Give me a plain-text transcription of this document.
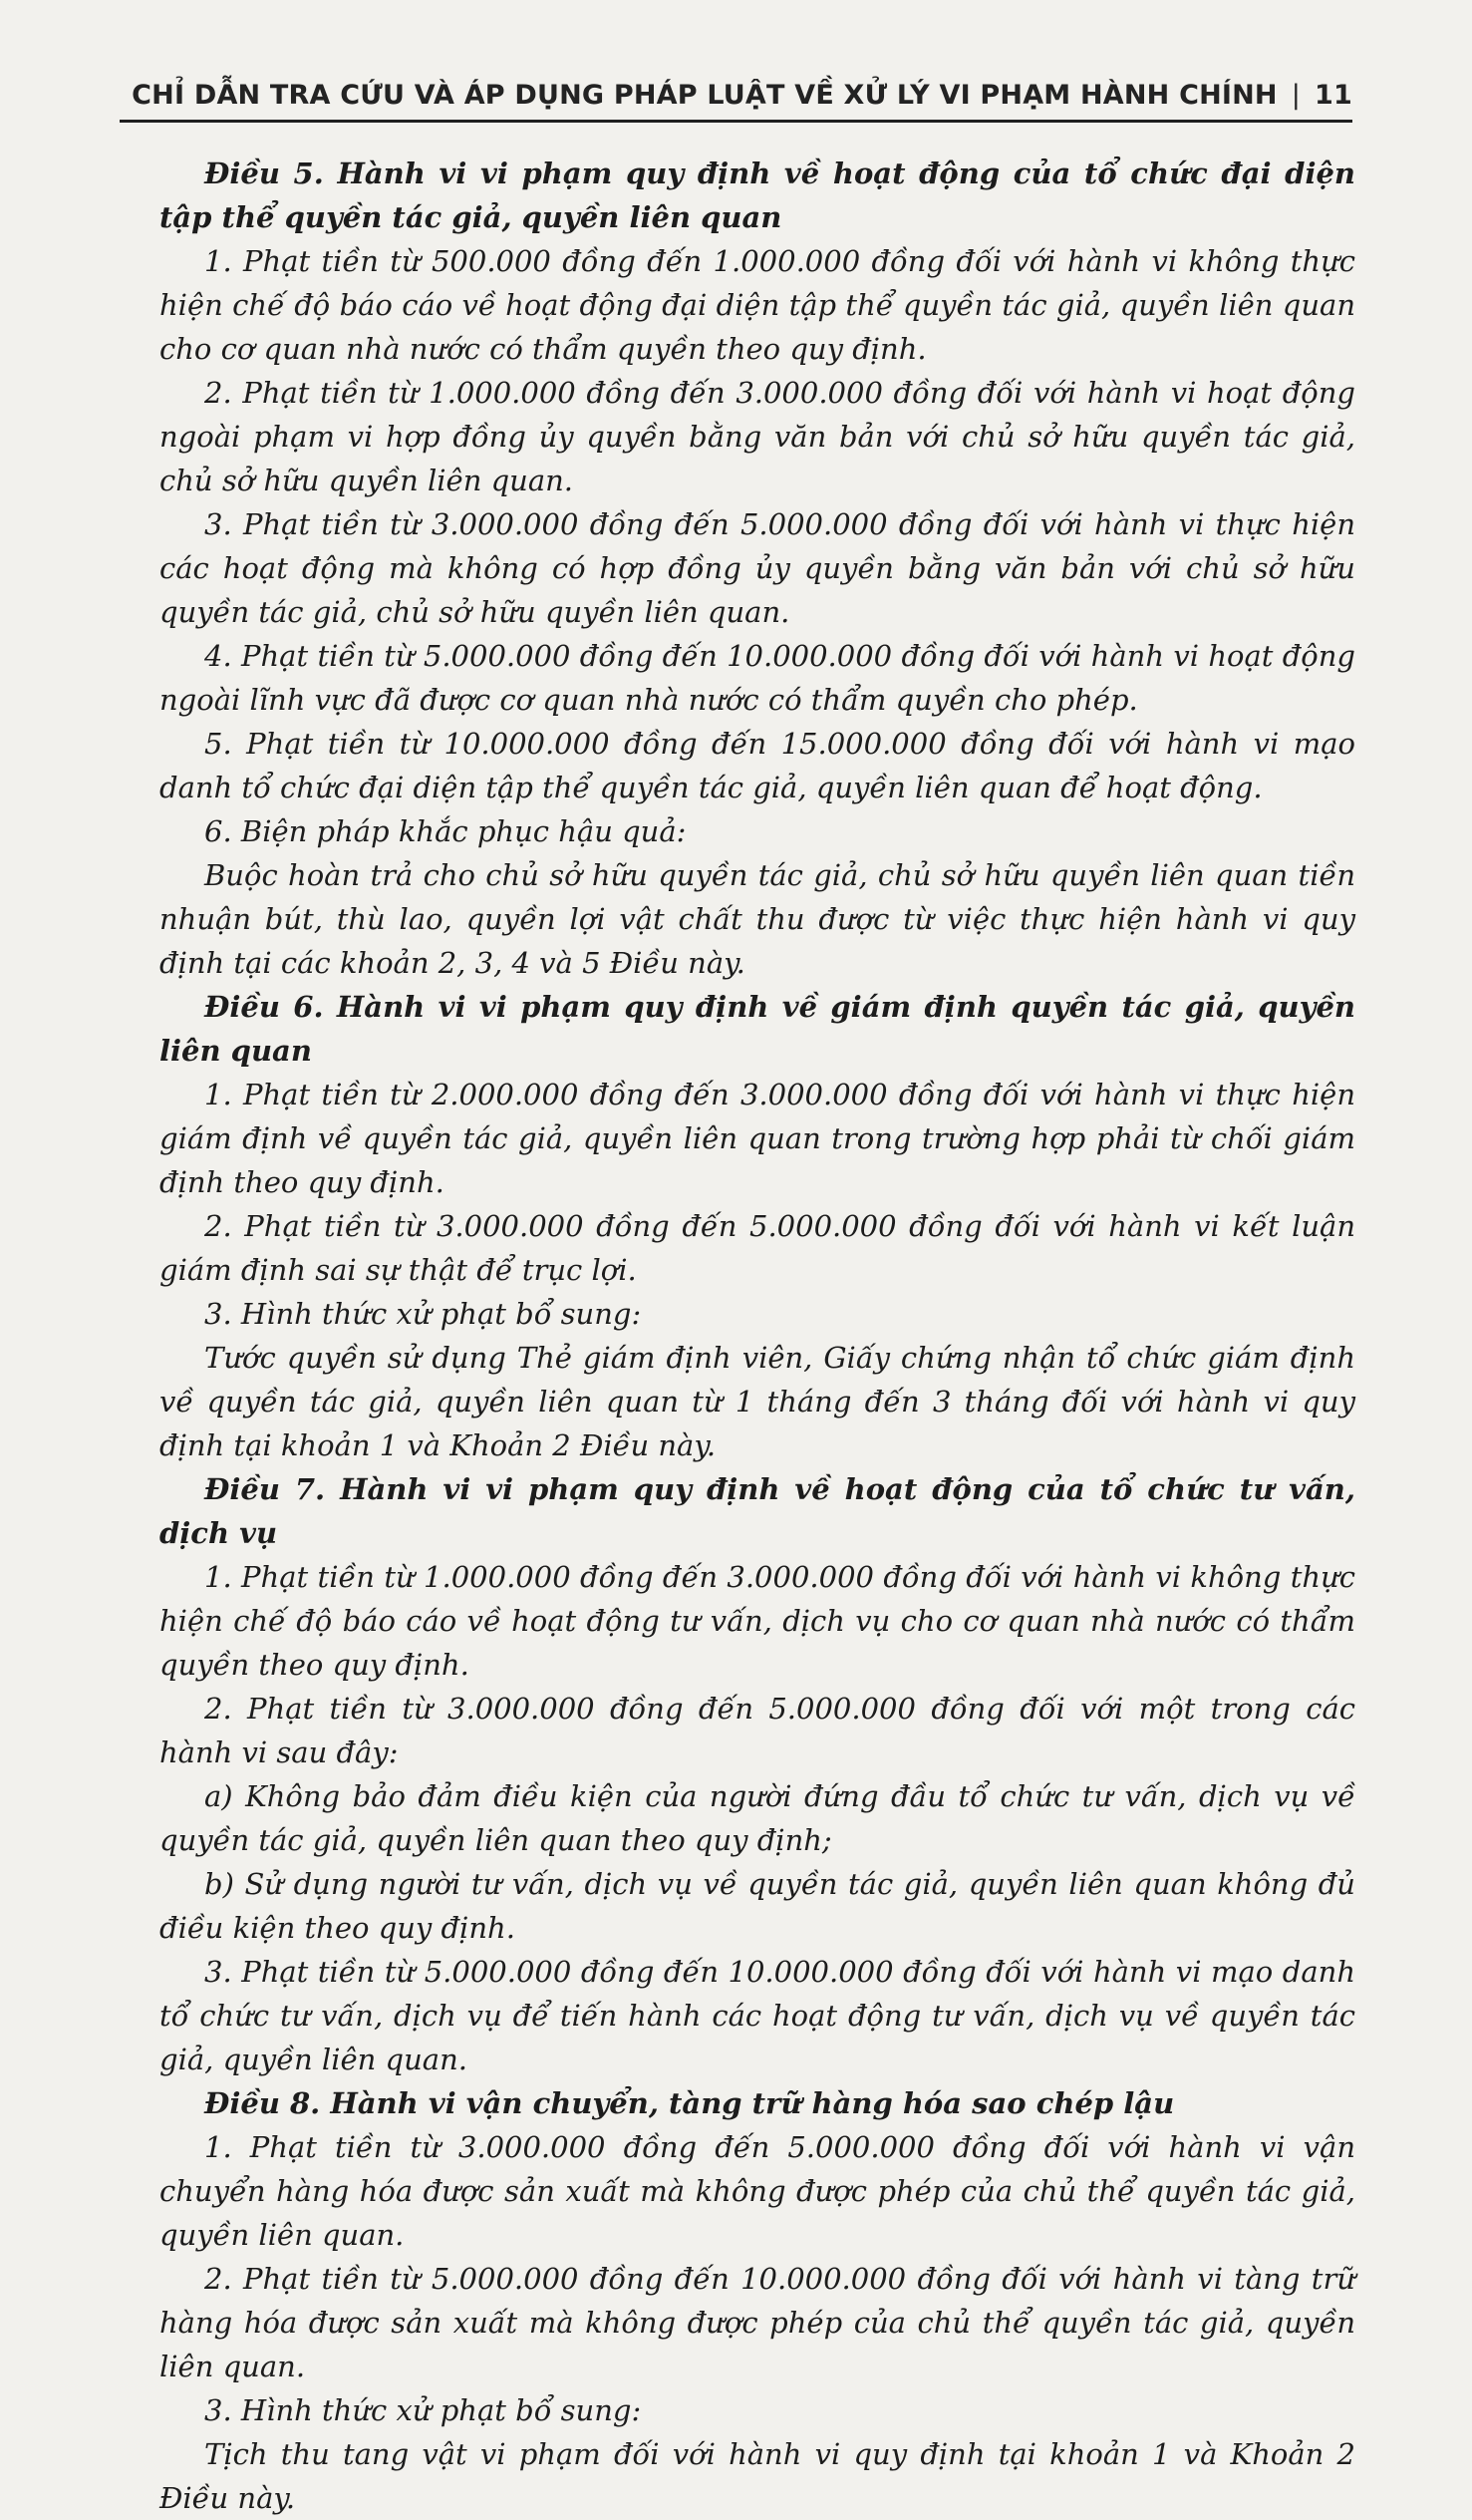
CHỈ DẪN TRA CỨU VÀ ÁP DỤNG PHÁP LUẬT VỀ XỬ LÝ VI PHẠM HÀNH CHÍNH | 11

Điều 5. Hành vi vi phạm quy định về hoạt động của tổ chức đại diện tập thể quyền tác giả, quyền liên quan

1. Phạt tiền từ 500.000 đồng đến 1.000.000 đồng đối với hành vi không thực hiện chế độ báo cáo về hoạt động đại diện tập thể quyền tác giả, quyền liên quan cho cơ quan nhà nước có thẩm quyền theo quy định.

2. Phạt tiền từ 1.000.000 đồng đến 3.000.000 đồng đối với hành vi hoạt động ngoài phạm vi hợp đồng ủy quyền bằng văn bản với chủ sở hữu quyền tác giả, chủ sở hữu quyền liên quan.

3. Phạt tiền từ 3.000.000 đồng đến 5.000.000 đồng đối với hành vi thực hiện các hoạt động mà không có hợp đồng ủy quyền bằng văn bản với chủ sở hữu quyền tác giả, chủ sở hữu quyền liên quan.

4. Phạt tiền từ 5.000.000 đồng đến 10.000.000 đồng đối với hành vi hoạt động ngoài lĩnh vực đã được cơ quan nhà nước có thẩm quyền cho phép.

5. Phạt tiền từ 10.000.000 đồng đến 15.000.000 đồng đối với hành vi mạo danh tổ chức đại diện tập thể quyền tác giả, quyền liên quan để hoạt động.

6. Biện pháp khắc phục hậu quả:

Buộc hoàn trả cho chủ sở hữu quyền tác giả, chủ sở hữu quyền liên quan tiền nhuận bút, thù lao, quyền lợi vật chất thu được từ việc thực hiện hành vi quy định tại các khoản 2, 3, 4 và 5 Điều này.

Điều 6. Hành vi vi phạm quy định về giám định quyền tác giả, quyền liên quan

1. Phạt tiền từ 2.000.000 đồng đến 3.000.000 đồng đối với hành vi thực hiện giám định về quyền tác giả, quyền liên quan trong trường hợp phải từ chối giám định theo quy định.

2. Phạt tiền từ 3.000.000 đồng đến 5.000.000 đồng đối với hành vi kết luận giám định sai sự thật để trục lợi.

3. Hình thức xử phạt bổ sung:

Tước quyền sử dụng Thẻ giám định viên, Giấy chứng nhận tổ chức giám định về quyền tác giả, quyền liên quan từ 1 tháng đến 3 tháng đối với hành vi quy định tại khoản 1 và Khoản 2 Điều này.

Điều 7. Hành vi vi phạm quy định về hoạt động của tổ chức tư vấn, dịch vụ

1. Phạt tiền từ 1.000.000 đồng đến 3.000.000 đồng đối với hành vi không thực hiện chế độ báo cáo về hoạt động tư vấn, dịch vụ cho cơ quan nhà nước có thẩm quyền theo quy định.

2. Phạt tiền từ 3.000.000 đồng đến 5.000.000 đồng đối với một trong các hành vi sau đây:

a) Không bảo đảm điều kiện của người đứng đầu tổ chức tư vấn, dịch vụ về quyền tác giả, quyền liên quan theo quy định;

b) Sử dụng người tư vấn, dịch vụ về quyền tác giả, quyền liên quan không đủ điều kiện theo quy định.

3. Phạt tiền từ 5.000.000 đồng đến 10.000.000 đồng đối với hành vi mạo danh tổ chức tư vấn, dịch vụ để tiến hành các hoạt động tư vấn, dịch vụ về quyền tác giả, quyền liên quan.

Điều 8. Hành vi vận chuyển, tàng trữ hàng hóa sao chép lậu

1. Phạt tiền từ 3.000.000 đồng đến 5.000.000 đồng đối với hành vi vận chuyển hàng hóa được sản xuất mà không được phép của chủ thể quyền tác giả, quyền liên quan.

2. Phạt tiền từ 5.000.000 đồng đến 10.000.000 đồng đối với hành vi tàng trữ hàng hóa được sản xuất mà không được phép của chủ thể quyền tác giả, quyền liên quan.

3. Hình thức xử phạt bổ sung:

Tịch thu tang vật vi phạm đối với hành vi quy định tại khoản 1 và Khoản 2 Điều này.
